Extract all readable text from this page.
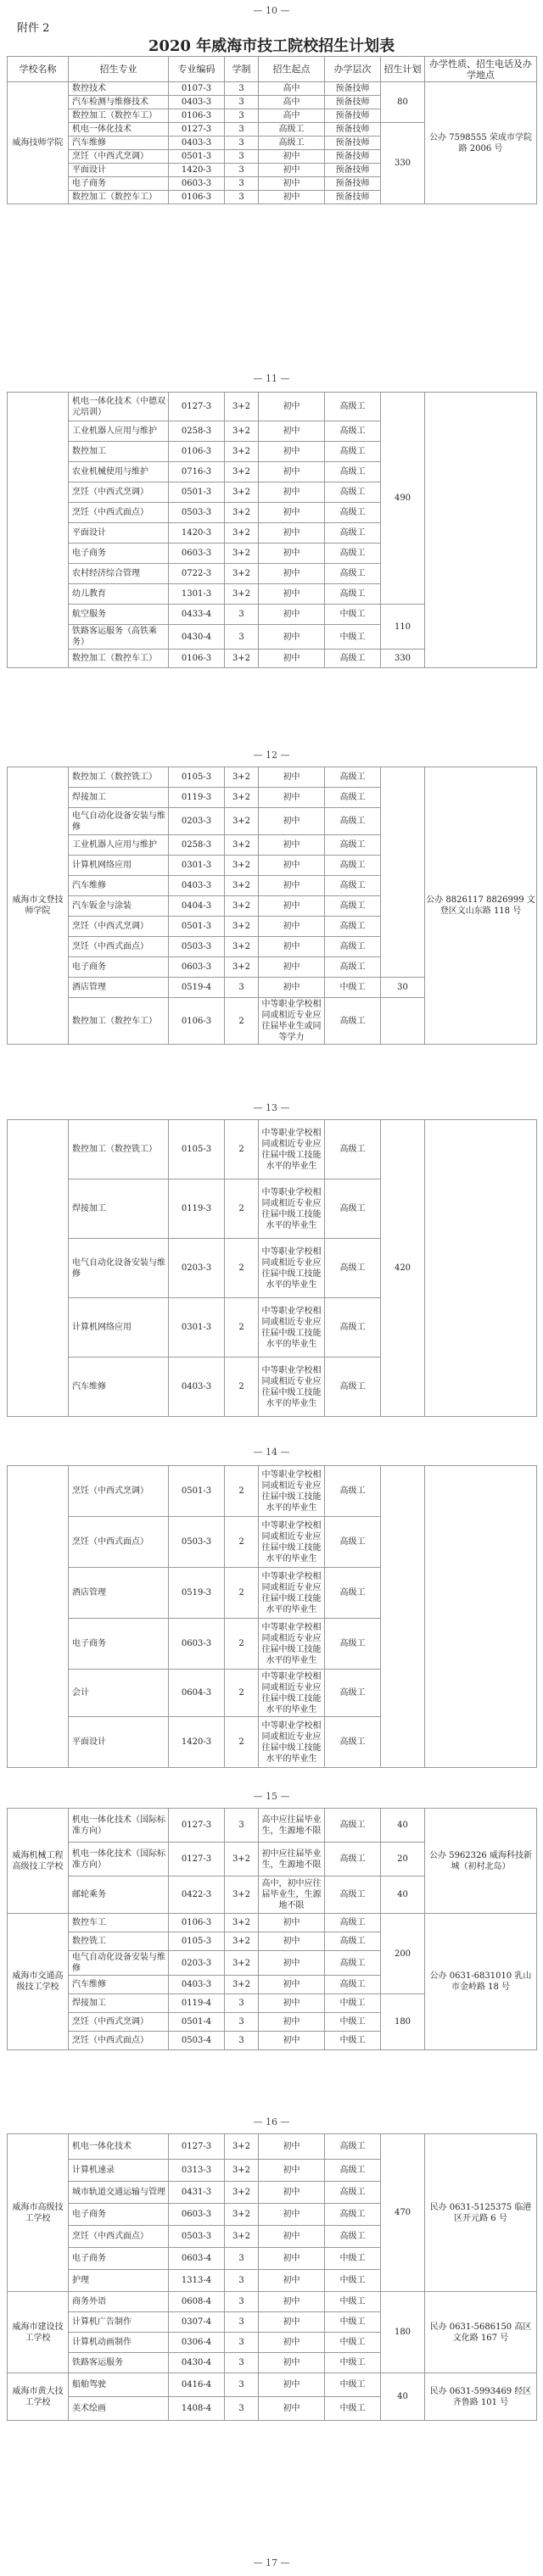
— 10 —
附件 2
2020 年威海市技工院校招生计划表
学校名称	招生专业	专业编码	学制	招生起点	办学层次	招生计划	办学性质、招生电话及办学地点
威海技师学院	数控技术	0107-3	3	高中	预备技师	80	公办 7598555 荣成市学院路 2006 号
	汽车检测与维修技术	0403-3	3	高中	预备技师		
	数控加工（数控车工）	0106-3	3	高中	预备技师		
	机电一体化技术	0127-3	3	高级工	预备技师	330	
	汽车维修	0403-3	3	高级工	预备技师		
	烹饪（中西式烹调）	0501-3	3	初中	预备技师		
	平面设计	1420-3	3	初中	预备技师		
	电子商务	0603-3	3	初中	预备技师		
	数控加工（数控车工）	0106-3	3	初中	预备技师		
— 11 —
	机电一体化技术（中德双元培训）	0127-3	3+2	初中	高级工	490	
	工业机器人应用与维护	0258-3	3+2	初中	高级工		
	数控加工	0106-3	3+2	初中	高级工		
	农业机械使用与维护	0716-3	3+2	初中	高级工		
	烹饪（中西式烹调）	0501-3	3+2	初中	高级工		
	烹饪（中西式面点）	0503-3	3+2	初中	高级工		
	平面设计	1420-3	3+2	初中	高级工		
	电子商务	0603-3	3+2	初中	高级工		
	农村经济综合管理	0722-3	3+2	初中	高级工		
	幼儿教育	1301-3	3+2	初中	高级工		
	航空服务	0433-4	3	初中	中级工	110	
	铁路客运服务（高铁乘务）	0430-4	3	初中	中级工		
	数控加工（数控车工）	0106-3	3+2	初中	高级工	330	
— 12 —
威海市文登技师学院	数控加工（数控铣工）	0105-3	3+2	初中	高级工		公办 8826117 8826999 文登区文山东路 118 号
	焊接加工	0119-3	3+2	初中	高级工		
	电气自动化设备安装与维修	0203-3	3+2	初中	高级工		
	工业机器人应用与维护	0258-3	3+2	初中	高级工		
	计算机网络应用	0301-3	3+2	初中	高级工		
	汽车维修	0403-3	3+2	初中	高级工		
	汽车钣金与涂装	0404-3	3+2	初中	高级工		
	烹饪（中西式烹调）	0501-3	3+2	初中	高级工		
	烹饪（中西式面点）	0503-3	3+2	初中	高级工		
	电子商务	0603-3	3+2	初中	高级工		
	酒店管理	0519-4	3	初中	中级工	30	
	数控加工（数控车工）	0106-3	2	中等职业学校相同或相近专业应往届毕业生或同等学力	高级工		
— 13 —
	数控加工（数控铣工）	0105-3	2	中等职业学校相同或相近专业应往届中级工技能水平的毕业生	高级工	420	
	焊接加工	0119-3	2	中等职业学校相同或相近专业应往届中级工技能水平的毕业生	高级工		
	电气自动化设备安装与维修	0203-3	2	中等职业学校相同或相近专业应往届中级工技能水平的毕业生	高级工		
	计算机网络应用	0301-3	2	中等职业学校相同或相近专业应往届中级工技能水平的毕业生	高级工		
	汽车维修	0403-3	2	中等职业学校相同或相近专业应往届中级工技能水平的毕业生	高级工		
— 14 —
	烹饪（中西式烹调）	0501-3	2	中等职业学校相同或相近专业应往届中级工技能水平的毕业生	高级工		
	烹饪（中西式面点）	0503-3	2	中等职业学校相同或相近专业应往届中级工技能水平的毕业生	高级工		
	酒店管理	0519-3	2	中等职业学校相同或相近专业应往届中级工技能水平的毕业生	高级工		
	电子商务	0603-3	2	中等职业学校相同或相近专业应往届中级工技能水平的毕业生	高级工		
	会计	0604-3	2	中等职业学校相同或相近专业应往届中级工技能水平的毕业生	高级工		
	平面设计	1420-3	2	中等职业学校相同或相近专业应往届中级工技能水平的毕业生	高级工		
— 15 —
威海机械工程高级技工学校	机电一体化技术（国际标准方向）	0127-3	3	高中应往届毕业生，生源地不限	高级工	40	公办 5962326 威海科技新城（初村北岛）
	机电一体化技术（国际标准方向）	0127-3	3+2	初中应往届毕业生，生源地不限	高级工	20	
	邮轮乘务	0422-3	3+2	高中，初中应往届毕业生，生源地不限	高级工	40	
威海市交通高级技工学校	数控车工	0106-3	3+2	初中	高级工	200	公办 0631-6831010 乳山市金岭路 18 号
	数控铣工	0105-3	3+2	初中	高级工		
	电气自动化设备安装与维修	0203-3	3+2	初中	高级工		
	汽车维修	0403-3	3+2	初中	高级工		
	焊接加工	0119-4	3	初中	中级工	180	
	烹饪（中西式烹调）	0501-4	3	初中	中级工		
	烹饪（中西式面点）	0503-4	3	初中	中级工		
— 16 —
威海市高级技工学校	机电一体化技术	0127-3	3+2	初中	高级工	470	民办 0631-5125375 临港区开元路 6 号
	计算机速录	0313-3	3+2	初中	高级工		
	城市轨道交通运输与管理	0431-3	3+2	初中	高级工		
	电子商务	0603-3	3+2	初中	高级工		
	烹饪（中西式面点）	0503-3	3+2	初中	高级工		
	电子商务	0603-4	3	初中	中级工		
	护理	1313-4	3	初中	中级工		
威海市建设技工学校	商务外语	0608-4	3	初中	中级工	180	民办 0631-5686150 高区文化路 167 号
	计算机广告制作	0307-4	3	初中	中级工		
	计算机动画制作	0306-4	3	初中	中级工		
	铁路客运服务	0430-4	3	初中	中级工		
威海市黄大技工学校	船舶驾驶	0416-4	3	初中	中级工	40	民办 0631-5993469 经区齐鲁路 101 号
	美术绘画	1408-4	3	初中	中级工		
— 17 —
